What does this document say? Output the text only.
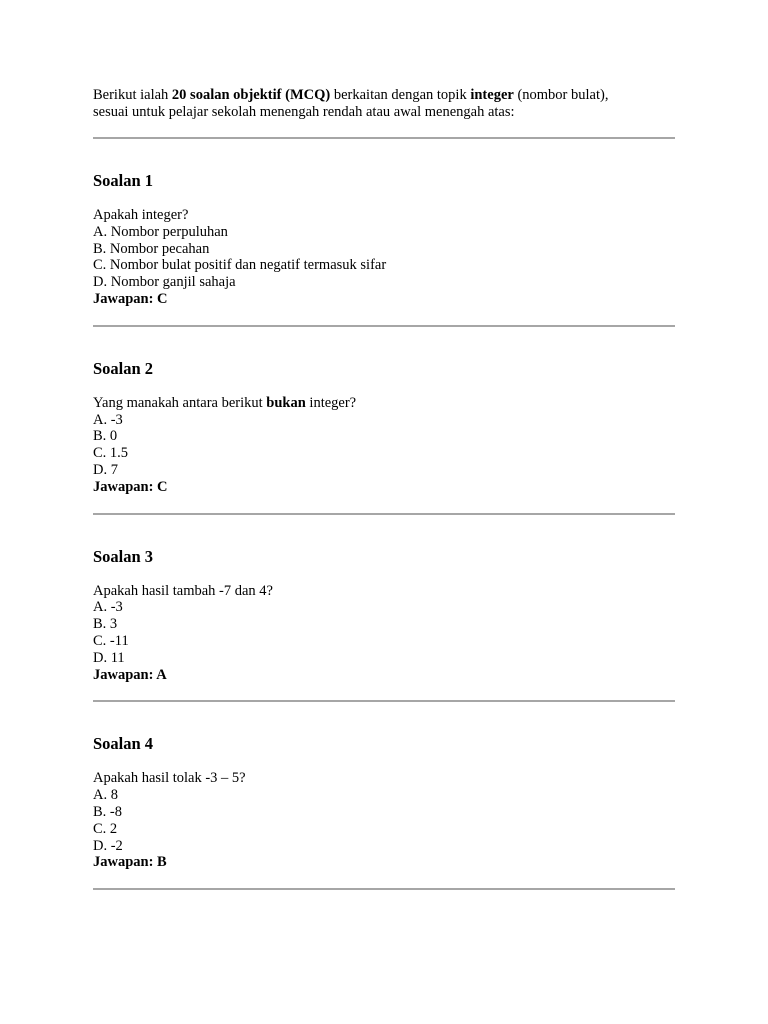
Berikut ialah 20 soalan objektif (MCQ) berkaitan dengan topik integer (nombor bulat),
sesuai untuk pelajar sekolah menengah rendah atau awal menengah atas:

Soalan 1
Apakah integer?
A. Nombor perpuluhan
B. Nombor pecahan
C. Nombor bulat positif dan negatif termasuk sifar
D. Nombor ganjil sahaja
Jawapan: C
Soalan 2
Yang manakah antara berikut bukan integer?
A. -3
B. 0
C. 1.5
D. 7
Jawapan: C
Soalan 3
Apakah hasil tambah -7 dan 4?
A. -3
B. 3
C. -11
D. 11
Jawapan: A
Soalan 4
Apakah hasil tolak -3 – 5?
A. 8
B. -8
C. 2
D. -2
Jawapan: B
